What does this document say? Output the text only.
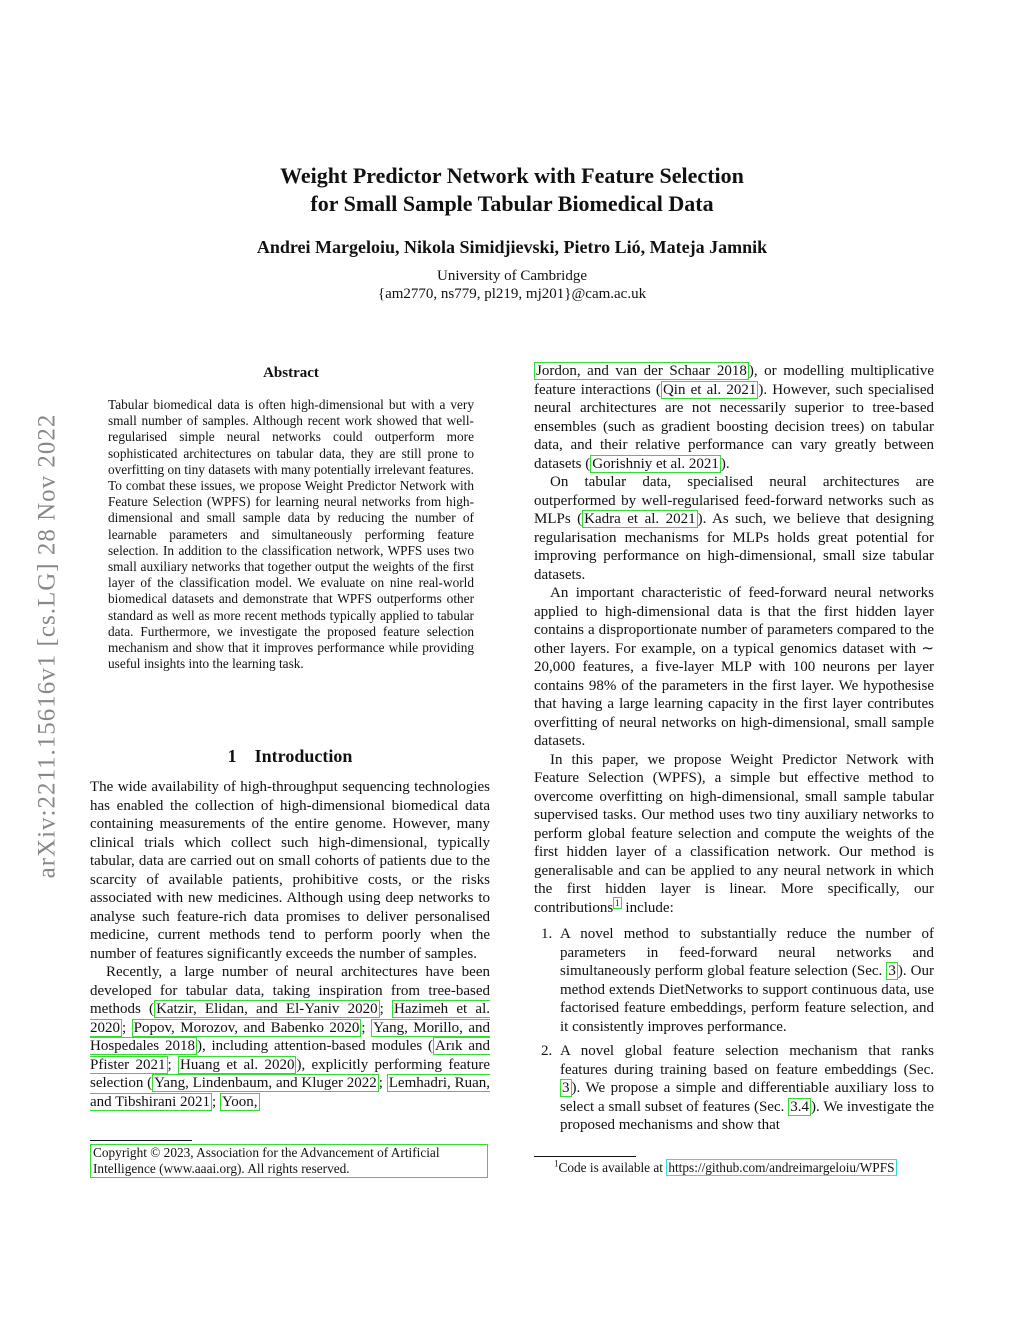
arXiv:2211.15616v1 [cs.LG] 28 Nov 2022
Weight Predictor Network with Feature Selection
for Small Sample Tabular Biomedical Data
Andrei Margeloiu, Nikola Simidjievski, Pietro Lió, Mateja Jamnik
University of Cambridge
{am2770, ns779, pl219, mj201}@cam.ac.uk
Abstract
Tabular biomedical data is often high-dimensional but with a very small number of samples. Although recent work showed that well-regularised simple neural networks could outperform more sophisticated architectures on tabular data, they are still prone to overfitting on tiny datasets with many potentially irrelevant features. To combat these issues, we propose Weight Predictor Network with Feature Selection (WPFS) for learning neural networks from high-dimensional and small sample data by reducing the number of learnable parameters and simultaneously performing feature selection. In addition to the classification network, WPFS uses two small auxiliary networks that together output the weights of the first layer of the classification model. We evaluate on nine real-world biomedical datasets and demonstrate that WPFS outperforms other standard as well as more recent methods typically applied to tabular data. Furthermore, we investigate the proposed feature selection mechanism and show that it improves performance while providing useful insights into the learning task.
1 Introduction

The wide availability of high-throughput sequencing technologies has enabled the collection of high-dimensional biomedical data containing measurements of the entire genome. However, many clinical trials which collect such high-dimensional, typically tabular, data are carried out on small cohorts of patients due to the scarcity of available patients, prohibitive costs, or the risks associated with new medicines. Although using deep networks to analyse such feature-rich data promises to deliver personalised medicine, current methods tend to perform poorly when the number of features significantly exceeds the number of samples.

Recently, a large number of neural architectures have been developed for tabular data, taking inspiration from tree-based methods ( Katzir, Elidan, and El-Yaniv 2020 ; Hazimeh et al. 2020 ; Popov, Morozov, and Babenko 2020 ; Yang, Morillo, and Hospedales 2018 ), including attention-based modules ( Arık and Pfister 2021 ; Huang et al. 2020 ), explicitly performing feature selection ( Yang, Lindenbaum, and Kluger 2022 ; Lemhadri, Ruan, and Tibshirani 2021 ; Yoon,

Copyright © 2023, Association for the Advancement of Artificial Intelligence (www.aaai.org). All rights reserved.

Jordon, and van der Schaar 2018 ), or modelling multiplicative feature interactions ( Qin et al. 2021 ). However, such specialised neural architectures are not necessarily superior to tree-based ensembles (such as gradient boosting decision trees) on tabular data, and their relative performance can vary greatly between datasets ( Gorishniy et al. 2021 ).

On tabular data, specialised neural architectures are outperformed by well-regularised feed-forward networks such as MLPs ( Kadra et al. 2021 ). As such, we believe that designing regularisation mechanisms for MLPs holds great potential for improving performance on high-dimensional, small size tabular datasets.

An important characteristic of feed-forward neural networks applied to high-dimensional data is that the first hidden layer contains a disproportionate number of parameters compared to the other layers. For example, on a typical genomics dataset with ∼ 20,000 features, a five-layer MLP with 100 neurons per layer contains 98% of the parameters in the first layer. We hypothesise that having a large learning capacity in the first layer contributes overfitting of neural networks on high-dimensional, small sample datasets.

In this paper, we propose Weight Predictor Network with Feature Selection (WPFS), a simple but effective method to overcome overfitting on high-dimensional, small sample tabular supervised tasks. Our method uses two tiny auxiliary networks to perform global feature selection and compute the weights of the first hidden layer of a classification network. Our method is generalisable and can be applied to any neural network in which the first hidden layer is linear. More specifically, our contributions $^1$ include:

1. A novel method to substantially reduce the number of parameters in feed-forward neural networks and simultaneously perform global feature selection (Sec. 3 ). Our method extends DietNetworks to support continuous data, use factorised feature embeddings, perform feature selection, and it consistently improves performance.
2. A novel global feature selection mechanism that ranks features during training based on feature embeddings (Sec. 3 ). We propose a simple and differentiable auxiliary loss to select a small subset of features (Sec. 3.4 ). We investigate the proposed mechanisms and show that
$^1$Code is available at https://github.com/andreimargeloiu/WPFS
